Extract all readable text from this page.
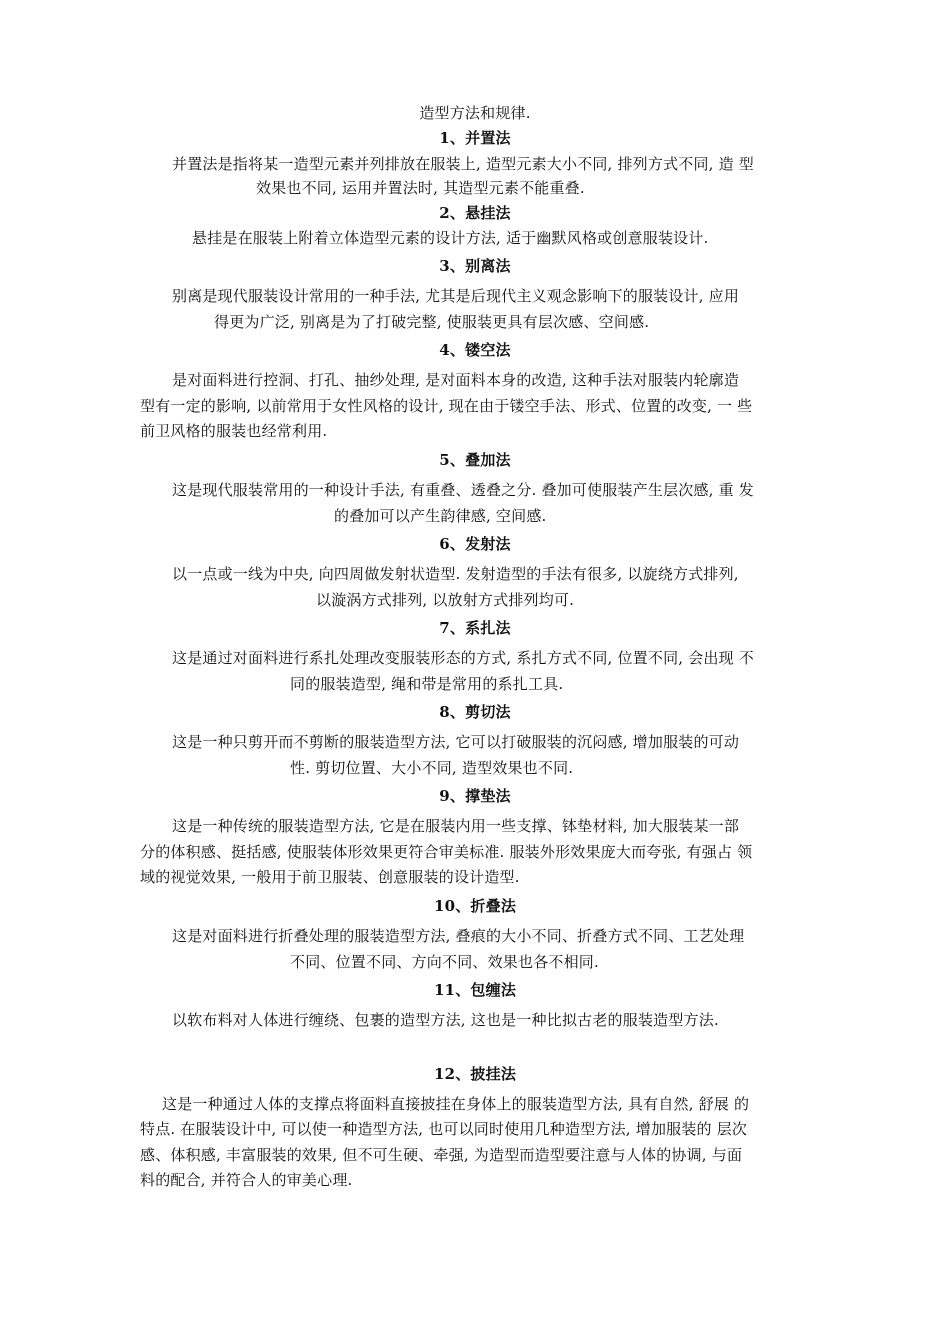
造型方法和规律.
1、并置法
并置法是指将某一造型元素并列排放在服装上, 造型元素大小不同, 排列方式不同, 造 型
效果也不同, 运用并置法时, 其造型元素不能重叠.
2、悬挂法
悬挂是在服装上附着立体造型元素的设计方法, 适于幽默风格或创意服装设计.
3、别离法
别离是现代服装设计常用的一种手法, 尤其是后现代主义观念影响下的服装设计, 应用
得更为广泛, 别离是为了打破完整, 使服装更具有层次感、空间感.
4、镂空法
是对面料进行控洞、打孔、抽纱处理, 是对面料本身的改造, 这种手法对服装内轮廓造
型有一定的影响, 以前常用于女性风格的设计, 现在由于镂空手法、形式、位置的改变, 一 些
前卫风格的服装也经常利用.
5、叠加法
这是现代服装常用的一种设计手法, 有重叠、透叠之分. 叠加可使服装产生层次感, 重 发
的叠加可以产生韵律感, 空间感.
6、发射法
以一点或一线为中央, 向四周做发射状造型. 发射造型的手法有很多, 以旋绕方式排列,
以漩涡方式排列, 以放射方式排列均可.
7、系扎法
这是通过对面料进行系扎处理改变服装形态的方式, 系扎方式不同, 位置不同, 会出现 不
同的服装造型, 绳和带是常用的系扎工具.
8、剪切法
这是一种只剪开而不剪断的服装造型方法, 它可以打破服装的沉闷感, 增加服装的可动
性. 剪切位置、大小不同, 造型效果也不同.
9、撑垫法
这是一种传统的服装造型方法, 它是在服装内用一些支撑、钵垫材料, 加大服装某一部
分的体积感、挺括感, 使服装体形效果更符合审美标准. 服装外形效果庞大而夸张, 有强占 领
域的视觉效果, 一般用于前卫服装、创意服装的设计造型.
10、折叠法
这是对面料进行折叠处理的服装造型方法, 叠痕的大小不同、折叠方式不同、工艺处理
不同、位置不同、方向不同、效果也各不相同.
11、包缠法
以软布料对人体进行缠绕、包裹的造型方法, 这也是一种比拟古老的服装造型方法.
12、披挂法
这是一种通过人体的支撑点将面料直接披挂在身体上的服装造型方法, 具有自然, 舒展 的
特点. 在服装设计中, 可以使一种造型方法, 也可以同时使用几种造型方法, 增加服装的 层次
感、体积感, 丰富服装的效果, 但不可生硬、牵强, 为造型而造型要注意与人体的协调, 与面
料的配合, 并符合人的审美心理.
